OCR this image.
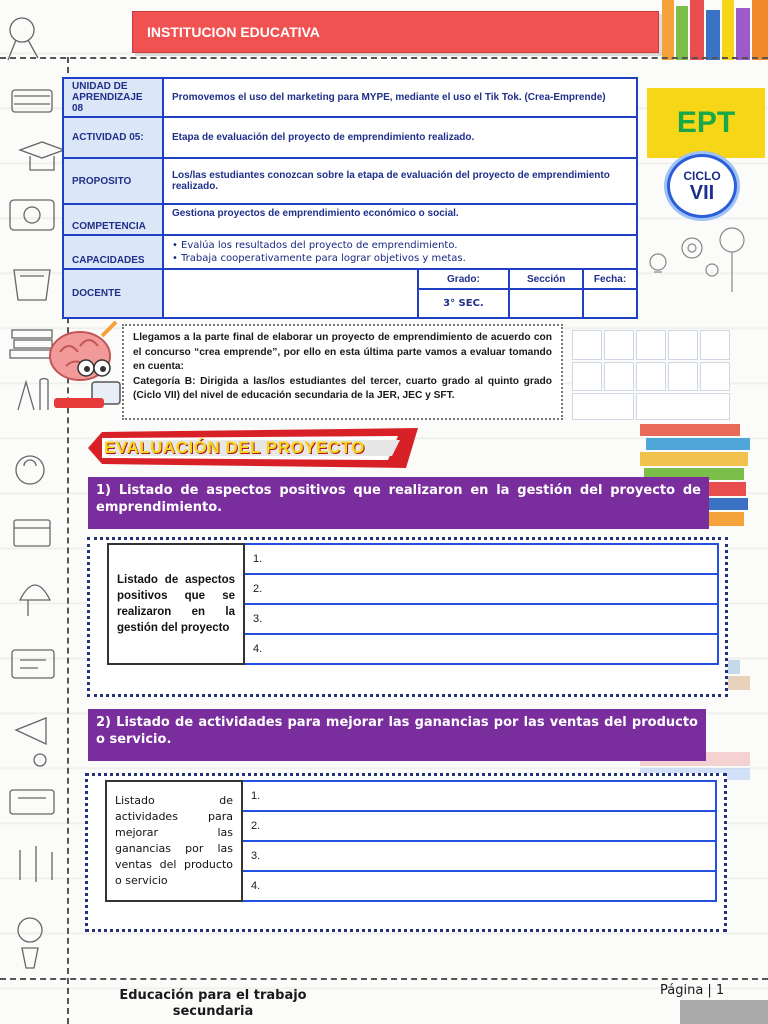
INSTITUCION EDUCATIVA
UNIDAD DE APRENDIZAJE 08	Promovemos el uso del marketing para MYPE, mediante el uso el Tik Tok. (Crea-Emprende)			
ACTIVIDAD 05:	Etapa de evaluación del proyecto de emprendimiento realizado.			
PROPOSITO	Los/las estudiantes conozcan sobre la etapa de evaluación del proyecto de emprendimiento realizado.			
COMPETENCIA	Gestiona proyectos de emprendimiento económico o social.			
CAPACIDADES	• Evalúa los resultados del proyecto de emprendimiento.
• Trabaja cooperativamente para lograr objetivos y metas.			

DOCENTE		Grado:	Sección	Fecha:
		3° SEC.		
EPT
CICLO
VII

Llegamos a la parte final de elaborar un proyecto de emprendimiento de acuerdo con el concurso “crea emprende”, por ello en esta última parte vamos a evaluar tomando en cuenta:

Categoría B: Dirigida a las/los estudiantes del tercer, cuarto grado al quinto grado (Ciclo VII) del nivel de educación secundaria de la JER, JEC y SFT.

EVALUACIÓN DEL PROYECTO
1) Listado de aspectos positivos que realizaron en la gestión del proyecto de emprendimiento.
Listado de aspectos positivos que se realizaron en la gestión del proyecto	1.
2.
3.
4.
2) Listado de actividades para mejorar las ganancias por las ventas del producto o servicio.
Listado de actividades para mejorar las ganancias por las ventas del producto o servicio	1.
2.
3.
4.
Educación para el trabajo
secundaria
Página | 1
